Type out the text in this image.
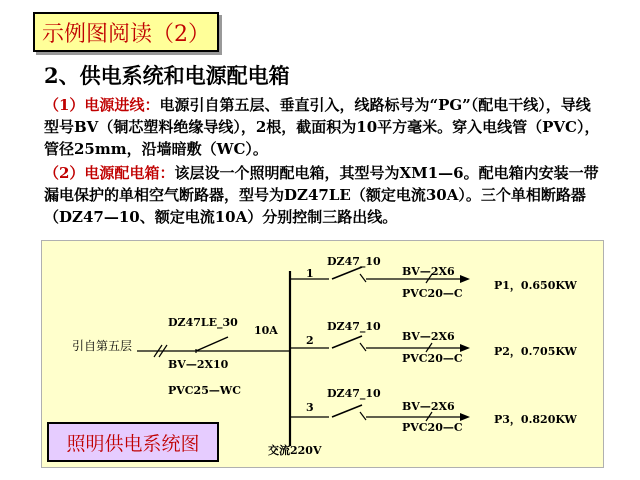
示例图阅读（2）
2、供电系统和电源配电箱
（1）电源进线：电源引自第五层、垂直引入，线路标号为“PG”（配电干线），导线型号BV（铜芯塑料绝缘导线），2根，截面积为10平方毫米。穿入电线管（PVC），管径25mm，沿墙暗敷（WC）。
（2）电源配电箱：该层设一个照明配电箱，其型号为XM1—6。配电箱内安装一带漏电保护的单相空气断路器，型号为DZ47LE（额定电流30A）。三个单相断路器（DZ47—10、额定电流10A）分别控制三路出线。
引自第五层
DZ47LE_30
10A
BV—2X10
PVC25—WC
交流220V
1
DZ47_10
BV—2X6
PVC20—C
P1，0.650KW
2
DZ47_10
BV—2X6
PVC20—C
P2，0.705KW
3
DZ47_10
BV—2X6
PVC20—C
P3，0.820KW
照明供电系统图
